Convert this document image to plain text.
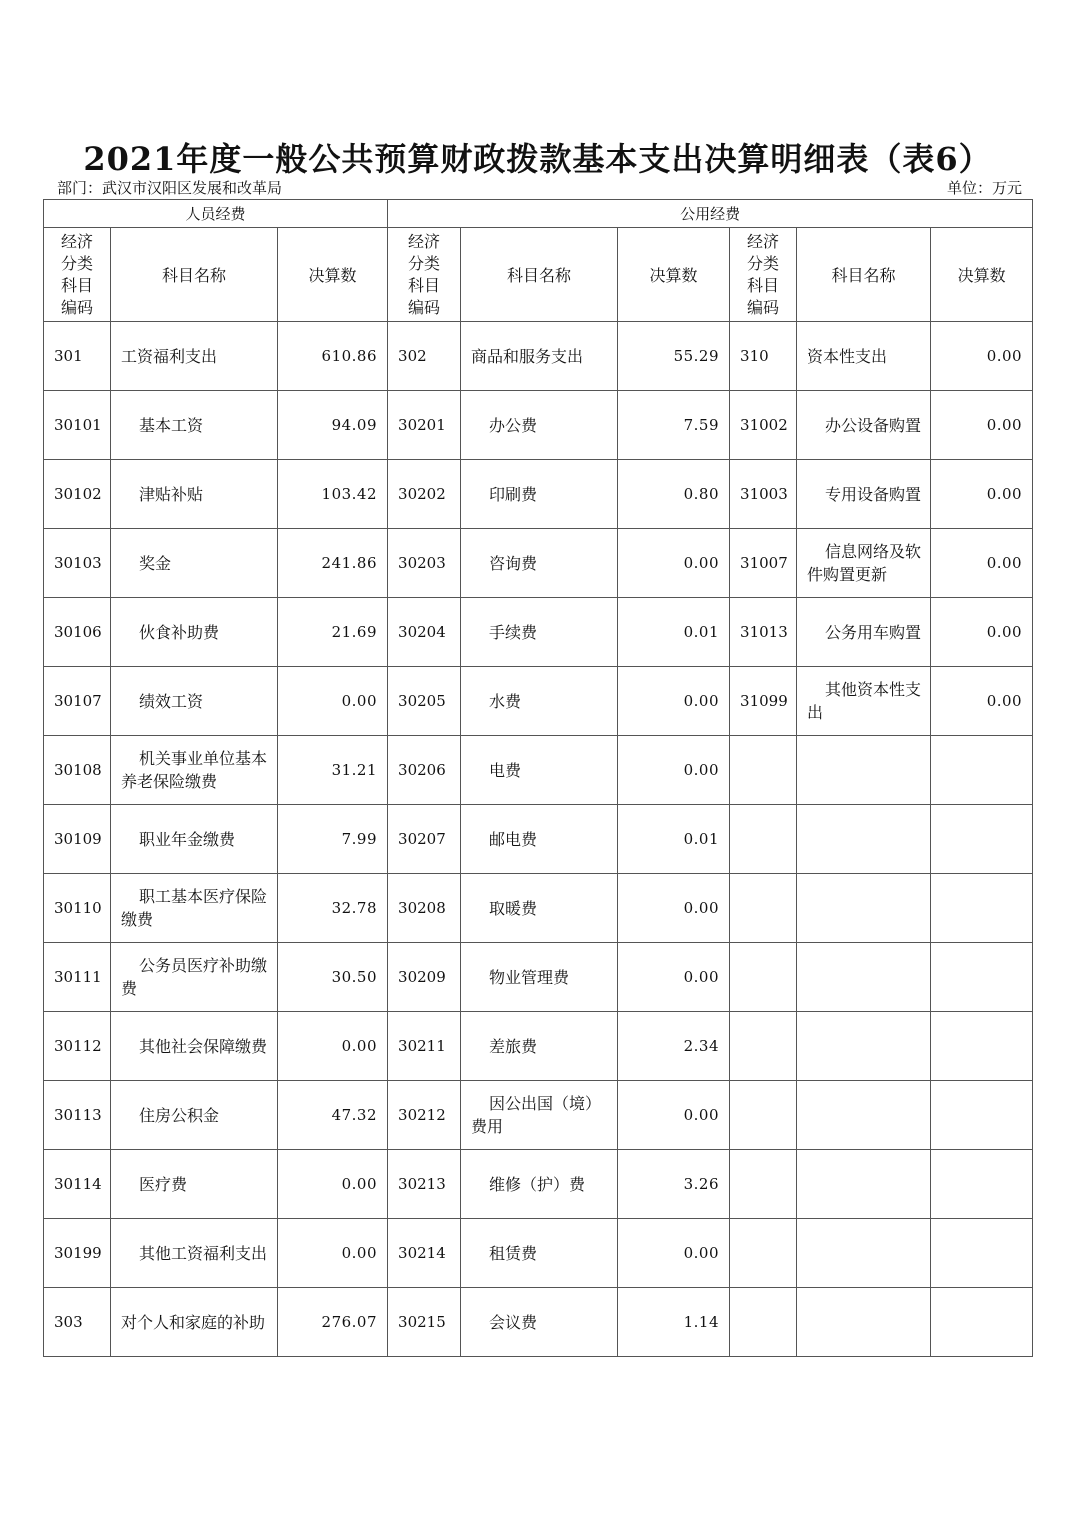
2021年度一般公共预算财政拨款基本支出决算明细表（表6）
部门：武汉市汉阳区发展和改革局	单位：万元
人员经费			公用经费					

经济
分类
科目
编码	科目名称	决算数	经济
分类
科目
编码	科目名称	决算数	经济
分类
科目
编码	科目名称	决算数
301	工资福利支出	610.86	302	商品和服务支出	55.29	310	资本性支出	0.00
30101	基本工资	94.09	30201	办公费	7.59	31002	办公设备购置	0.00
30102	津贴补贴	103.42	30202	印刷费	0.80	31003	专用设备购置	0.00
30103	奖金	241.86	30203	咨询费	0.00	31007	信息网络及软件购置更新	0.00
30106	伙食补助费	21.69	30204	手续费	0.01	31013	公务用车购置	0.00
30107	绩效工资	0.00	30205	水费	0.00	31099	其他资本性支出	0.00
30108	机关事业单位基本养老保险缴费	31.21	30206	电费	0.00			
30109	职业年金缴费	7.99	30207	邮电费	0.01			
30110	职工基本医疗保险缴费	32.78	30208	取暖费	0.00			
30111	公务员医疗补助缴费	30.50	30209	物业管理费	0.00			
30112	其他社会保障缴费	0.00	30211	差旅费	2.34			
30113	住房公积金	47.32	30212	因公出国（境）费用	0.00			
30114	医疗费	0.00	30213	维修（护）费	3.26			
30199	其他工资福利支出	0.00	30214	租赁费	0.00			
303	对个人和家庭的补助	276.07	30215	会议费	1.14			
